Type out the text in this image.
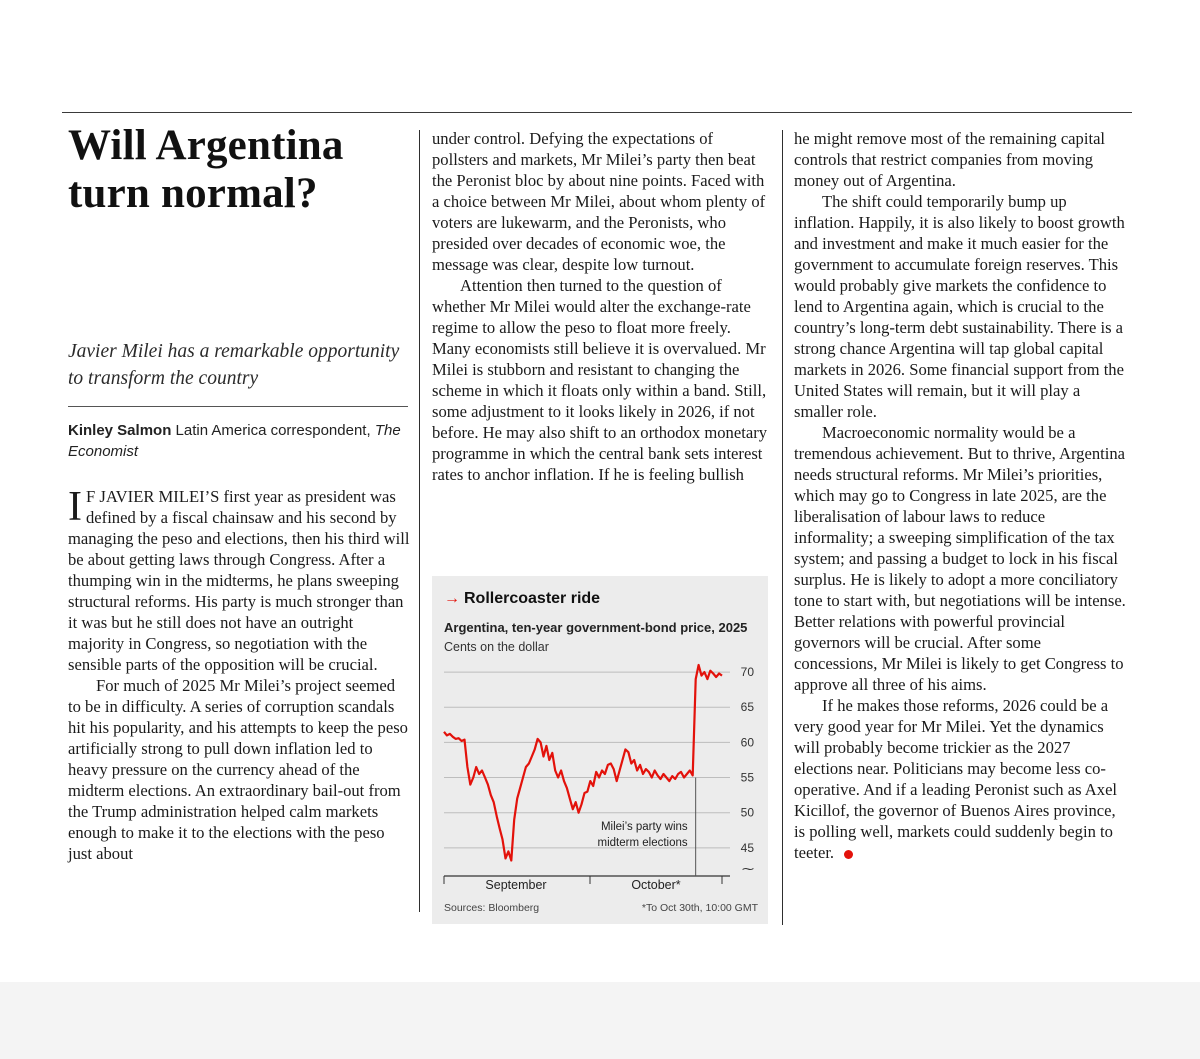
Will Argentina turn normal?
Javier Milei has a remarkable opportunity to transform the country
Kinley Salmon Latin America correspondent, The Economist

I F JAVIER MILEI’S first year as president was defined by a fiscal chainsaw and his second by managing the peso and elections, then his third will be about getting laws through Congress. After a thumping win in the midterms, he plans sweeping structural reforms. His party is much stronger than it was but he still does not have an outright majority in Congress, so negotiation with the sensible parts of the opposition will be crucial.

For much of 2025 Mr Milei’s project seemed to be in difficulty. A series of corruption scandals hit his popularity, and his attempts to keep the peso artificially strong to pull down inflation led to heavy pressure on the currency ahead of the midterm elections. An extraordinary bail-out from the Trump administration helped calm markets enough to make it to the elections with the peso just about

under control. Defying the expectations of pollsters and markets, Mr Milei’s party then beat the Peronist bloc by about nine points. Faced with a choice between Mr Milei, about whom plenty of voters are lukewarm, and the Peronists, who presided over decades of economic woe, the message was clear, despite low turnout.

Attention then turned to the question of whether Mr Milei would alter the exchange-rate regime to allow the peso to float more freely. Many economists still believe it is overvalued. Mr Milei is stubborn and resistant to changing the scheme in which it floats only within a band. Still, some adjustment to it looks likely in 2026, if not before. He may also shift to an orthodox monetary programme in which the central bank sets interest rates to anchor inflation. If he is feeling bullish

→ Rollercoaster ride
Argentina, ten-year government-bond price, 2025
Cents on the dollar
45
50
55
60
65
70
⁓
September	October*
Milei’s party wins
midterm elections
Sources: Bloomberg	*To Oct 30th, 10:00 GMT

he might remove most of the remaining capital controls that restrict companies from moving money out of Argentina.

The shift could temporarily bump up inflation. Happily, it is also likely to boost growth and investment and make it much easier for the government to accumulate foreign reserves. This would probably give markets the confidence to lend to Argentina again, which is crucial to the country’s long-term debt sustainability. There is a strong chance Argentina will tap global capital markets in 2026. Some financial support from the United States will remain, but it will play a smaller role.

Macroeconomic normality would be a tremendous achievement. But to thrive, Argentina needs structural reforms. Mr Milei’s priorities, which may go to Congress in late 2025, are the liberalisation of labour laws to reduce informality; a sweeping simplification of the tax system; and passing a budget to lock in his fiscal surplus. He is likely to adopt a more conciliatory tone to start with, but negotiations will be intense. Better relations with powerful provincial governors will be crucial. After some concessions, Mr Milei is likely to get Congress to approve all three of his aims.

If he makes those reforms, 2026 could be a very good year for Mr Milei. Yet the dynamics will probably become trickier as the 2027 elections near. Politicians may become less co-operative. And if a leading Peronist such as Axel Kicillof, the governor of Buenos Aires province, is polling well, markets could suddenly begin to teeter.
